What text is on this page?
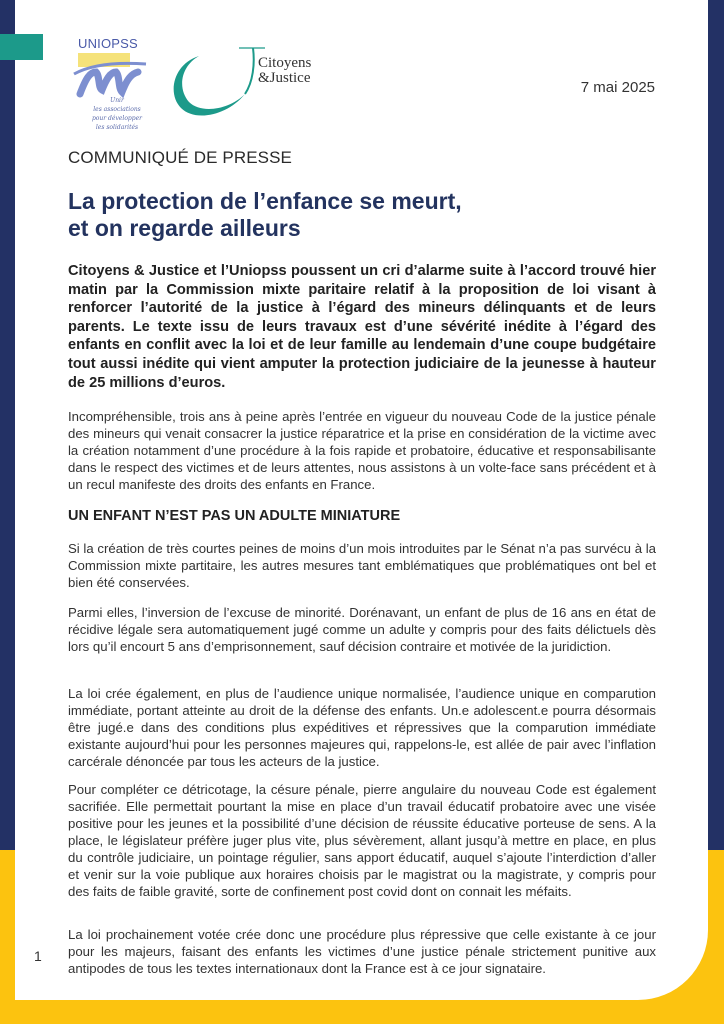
UNIOPSS
Unir
les associations
pour développer
les solidarités
Citoyens
&Justice
7 mai 2025
COMMUNIQUÉ DE PRESSE
La protection de l’enfance se meurt,
et on regarde ailleurs

Citoyens & Justice et l’Uniopss poussent un cri d’alarme suite à l’accord trouvé hier matin par la Commission mixte paritaire relatif à la proposition de loi visant à renforcer l’autorité de la justice à l’égard des mineurs délinquants et de leurs parents. Le texte issu de leurs travaux est d’une sévérité inédite à l’égard des enfants en conflit avec la loi et de leur famille au lendemain d’une coupe budgétaire tout aussi inédite qui vient amputer la protection judiciaire de la jeunesse à hauteur de 25 millions d’euros.

Incompréhensible, trois ans à peine après l’entrée en vigueur du nouveau Code de la justice pénale des mineurs qui venait consacrer la justice réparatrice et la prise en considération de la victime avec la création notamment d’une procédure à la fois rapide et probatoire, éducative et responsabilisante dans le respect des victimes et de leurs attentes, nous assistons à un volte-face sans précédent et à un recul manifeste des droits des enfants en France.

UN ENFANT N’EST PAS UN ADULTE MINIATURE

Si la création de très courtes peines de moins d’un mois introduites par le Sénat n’a pas survécu à la Commission mixte partitaire, les autres mesures tant emblématiques que problématiques ont bel et bien été conservées.

Parmi elles, l’inversion de l’excuse de minorité. Dorénavant, un enfant de plus de 16 ans en état de récidive légale sera automatiquement jugé comme un adulte y compris pour des faits délictuels dès lors qu’il encourt 5 ans d’emprisonnement, sauf décision contraire et motivée de la juridiction.

La loi crée également, en plus de l’audience unique normalisée, l’audience unique en comparution immédiate, portant atteinte au droit de la défense des enfants. Un.e adolescent.e pourra désormais être jugé.e dans des conditions plus expéditives et répressives que la comparution immédiate existante aujourd’hui pour les personnes majeures qui, rappelons-le, est allée de pair avec l’inflation carcérale dénoncée par tous les acteurs de la justice.

Pour compléter ce détricotage, la césure pénale, pierre angulaire du nouveau Code est également sacrifiée. Elle permettait pourtant la mise en place d’un travail éducatif probatoire avec une visée positive pour les jeunes et la possibilité d’une décision de réussite éducative porteuse de sens. A la place, le législateur préfère juger plus vite, plus sévèrement, allant jusqu’à mettre en place, en plus du contrôle judiciaire, un pointage régulier, sans apport éducatif, auquel s’ajoute l’interdiction d’aller et venir sur la voie publique aux horaires choisis par le magistrat ou la magistrate, y compris pour des faits de faible gravité, sorte de confinement post covid dont on connait les méfaits.

La loi prochainement votée crée donc une procédure plus répressive que celle existante à ce jour pour les majeurs, faisant des enfants les victimes d’une justice pénale strictement punitive aux antipodes de tous les textes internationaux dont la France est à ce jour signataire.

1
